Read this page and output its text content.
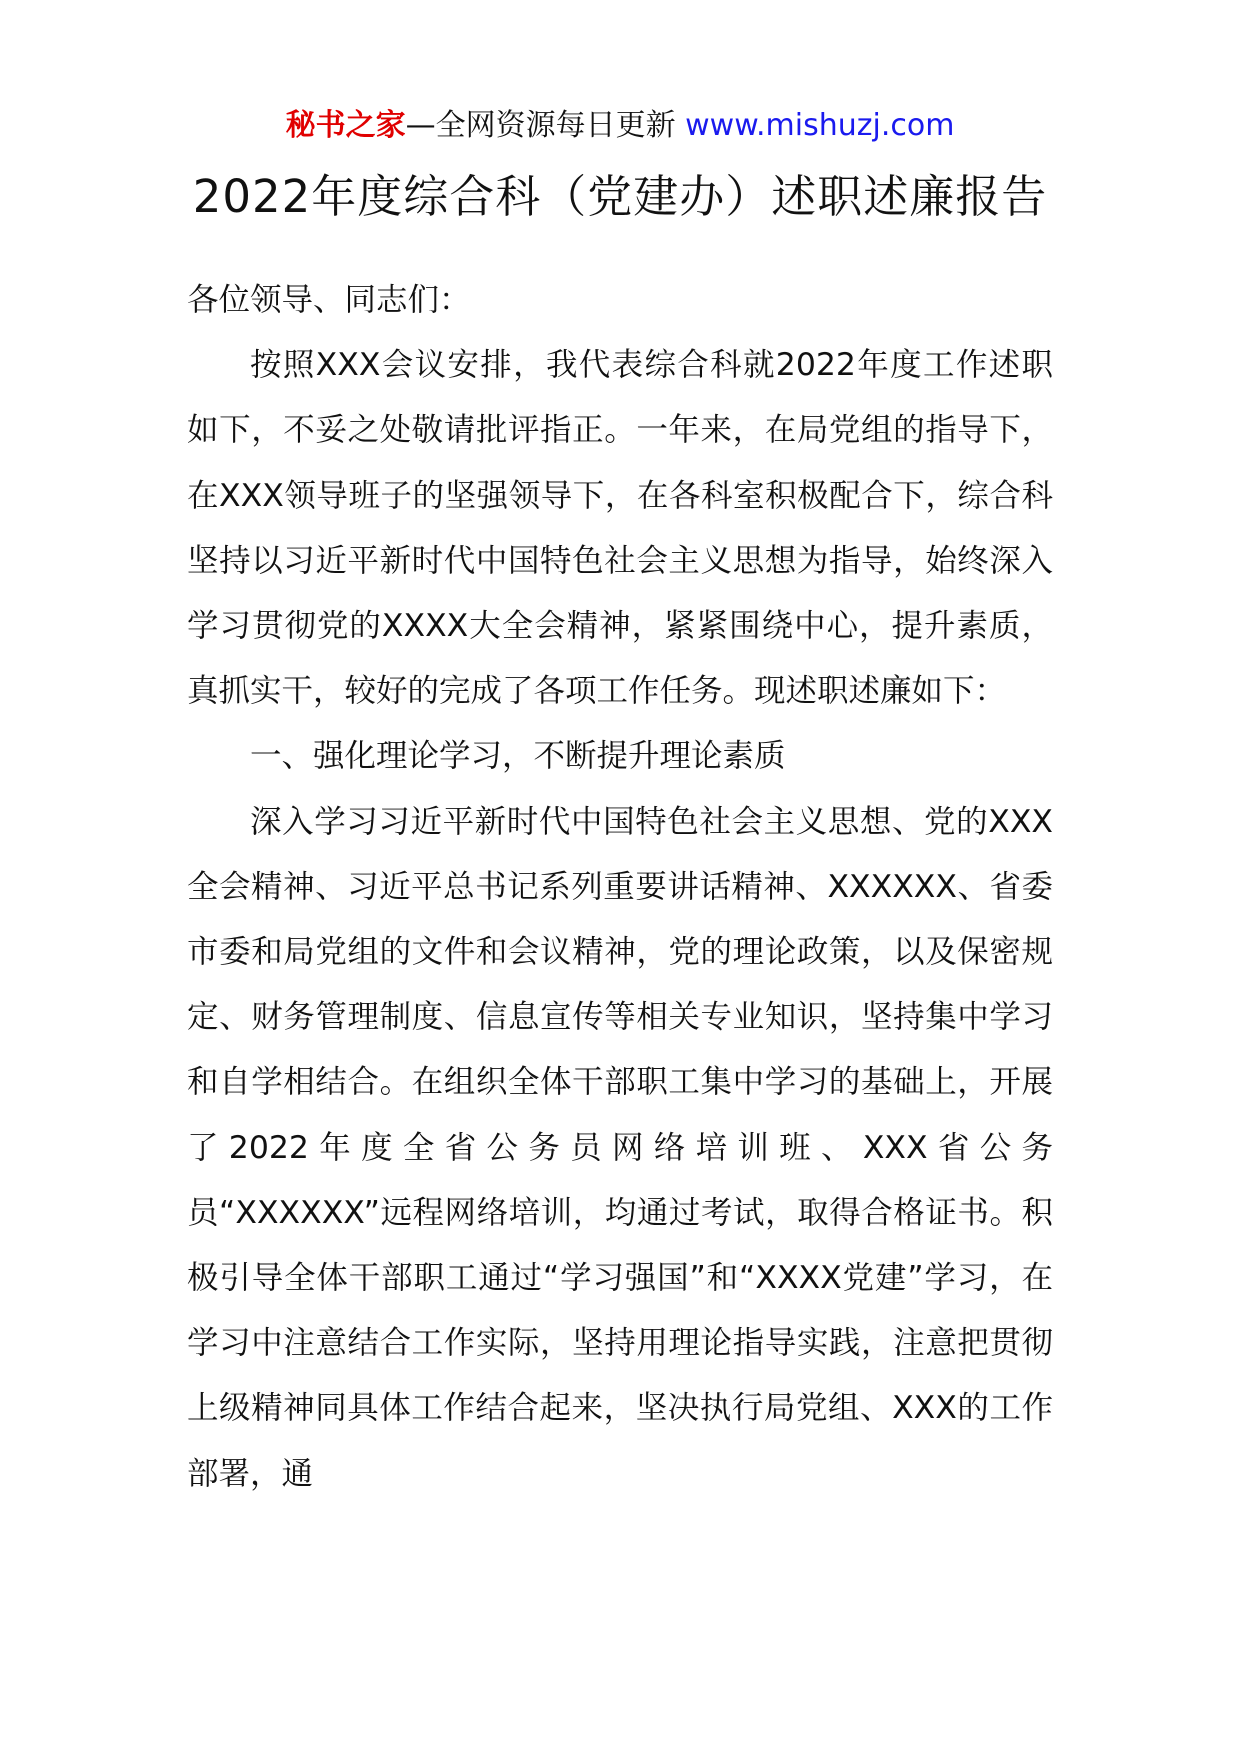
秘书之家—全网资源每日更新 www.mishuzj.com
2022年度综合科（党建办）述职述廉报告

各位领导、同志们：

按照XXX会议安排，我代表综合科就2022年度工作述职如下，不妥之处敬请批评指正。一年来，在局党组的指导下，在XXX领导班子的坚强领导下，在各科室积极配合下，综合科坚持以习近平新时代中国特色社会主义思想为指导，始终深入学习贯彻党的XXXX大全会精神，紧紧围绕中心，提升素质，真抓实干，较好的完成了各项工作任务。现述职述廉如下：

一、强化理论学习，不断提升理论素质

深入学习习近平新时代中国特色社会主义思想、党的XXX全会精神、习近平总书记系列重要讲话精神、XXXXXX、省委市委和局党组的文件和会议精神，党的理论政策，以及保密规定、财务管理制度、信息宣传等相关专业知识，坚持集中学习和自学相结合。在组织全体干部职工集中学习的基础上，开展了2022年度全省公务员网络培训班、XXX省公务员“XXXXXX”远程网络培训，均通过考试，取得合格证书。积极引导全体干部职工通过“学习强国”和“XXXX党建”学习，在学习中注意结合工作实际，坚持用理论指导实践，注意把贯彻上级精神同具体工作结合起来，坚决执行局党组、XXX的工作部署，通
